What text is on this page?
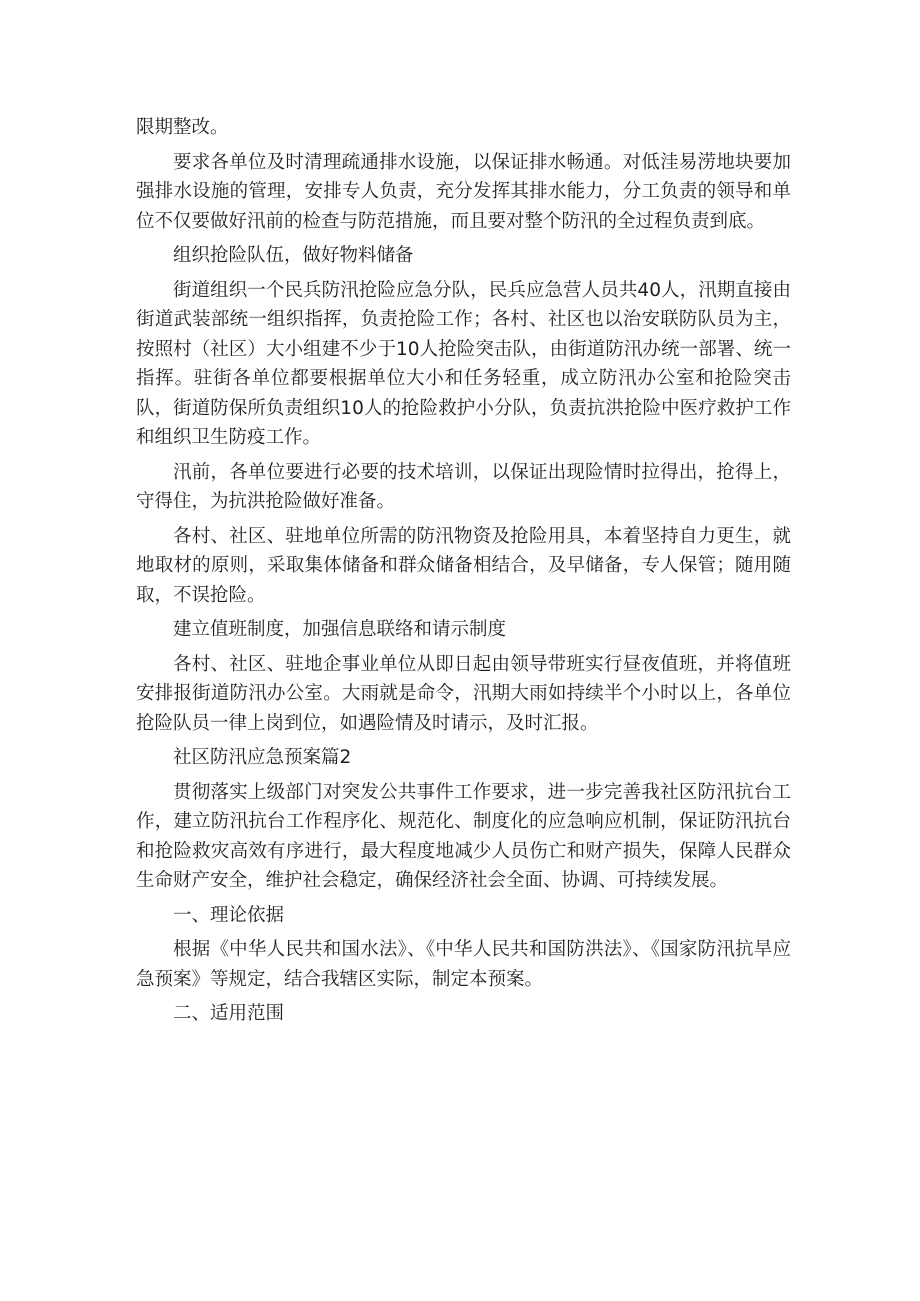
限期整改。

要求各单位及时清理疏通排水设施，以保证排水畅通。对低洼易涝地块要加强排水设施的管理，安排专人负责，充分发挥其排水能力，分工负责的领导和单位不仅要做好汛前的检查与防范措施，而且要对整个防汛的全过程负责到底。

组织抢险队伍，做好物料储备

街道组织一个民兵防汛抢险应急分队，民兵应急营人员共40人，汛期直接由街道武装部统一组织指挥，负责抢险工作；各村、社区也以治安联防队员为主，按照村（社区）大小组建不少于10人抢险突击队，由街道防汛办统一部署、统一指挥。驻街各单位都要根据单位大小和任务轻重，成立防汛办公室和抢险突击队，街道防保所负责组织10人的抢险救护小分队，负责抗洪抢险中医疗救护工作和组织卫生防疫工作。

汛前，各单位要进行必要的技术培训，以保证出现险情时拉得出，抢得上，守得住，为抗洪抢险做好准备。

各村、社区、驻地单位所需的防汛物资及抢险用具，本着坚持自力更生，就地取材的原则，采取集体储备和群众储备相结合，及早储备，专人保管；随用随取，不误抢险。

建立值班制度，加强信息联络和请示制度

各村、社区、驻地企事业单位从即日起由领导带班实行昼夜值班，并将值班安排报街道防汛办公室。大雨就是命令，汛期大雨如持续半个小时以上，各单位抢险队员一律上岗到位，如遇险情及时请示，及时汇报。

社区防汛应急预案篇2

贯彻落实上级部门对突发公共事件工作要求，进一步完善我社区防汛抗台工作，建立防汛抗台工作程序化、规范化、制度化的应急响应机制，保证防汛抗台和抢险救灾高效有序进行，最大程度地减少人员伤亡和财产损失，保障人民群众生命财产安全，维护社会稳定，确保经济社会全面、协调、可持续发展。

一、理论依据

根据《中华人民共和国水法》、《中华人民共和国防洪法》、《国家防汛抗旱应急预案》等规定，结合我辖区实际，制定本预案。

二、适用范围
